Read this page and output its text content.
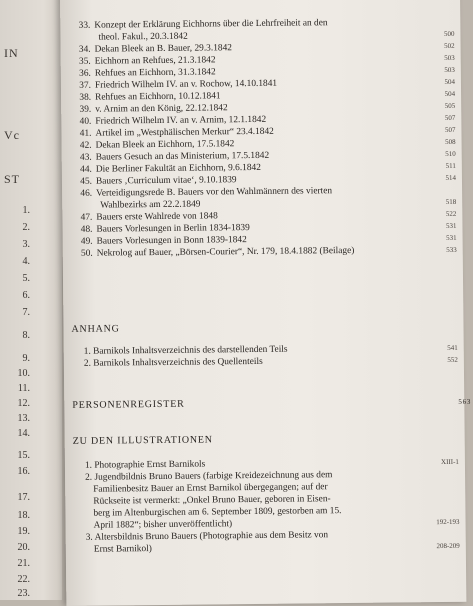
IN
Vc
ST
1.
2.
3.
4.
5.
6.
7.
8.
9.
10.
11.
12.
13.
14.
15.
16.
17.
18.
19.
20.
21.
22.
23.
33. Konzept der Erklärung Eichhorns über die Lehrfreiheit an den
theol. Fakul., 20.3.1842	500
34. Dekan Bleek an B. Bauer, 29.3.1842	502
35. Eichhorn an Rehfues, 21.3.1842	503
36. Rehfues an Eichhorn, 31.3.1842	503
37. Friedrich Wilhelm IV. an v. Rochow, 14.10.1841	504
38. Rehfues an Eichhorn, 10.12.1841	504
39. v. Arnim an den König, 22.12.1842	505
40. Friedrich Wilhelm IV. an v. Arnim, 12.1.1842	507
41. Artikel im „Westphälischen Merkur“ 23.4.1842	507
42. Dekan Bleek an Eichhorn, 17.5.1842	508
43. Bauers Gesuch an das Ministerium, 17.5.1842	510
44. Die Berliner Fakultät an Eichhorn, 9.6.1842	511
45. Bauers ‚Curriculum vitae‘, 9.10.1839	514
46. Verteidigungsrede B. Bauers vor den Wahlmännern des vierten
Wahlbezirks am 22.2.1849	518
47. Bauers erste Wahlrede von 1848	522
48. Bauers Vorlesungen in Berlin 1834-1839	531
49. Bauers Vorlesungen in Bonn 1839-1842	531
50. Nekrolog auf Bauer, „Börsen-Courier“, Nr. 179, 18.4.1882 (Beilage)	533
ANHANG
1. Barnikols Inhaltsverzeichnis des darstellenden Teils	541
2. Barnikols Inhaltsverzeichnis des Quellenteils	552
PERSONENREGISTER	563
ZU DEN ILLUSTRATIONEN
1. Photographie Ernst Barnikols	XIII-1
2. Jugendbildnis Bruno Bauers (farbige Kreidezeichnung aus dem
Familienbesitz Bauer an Ernst Barnikol übergegangen; auf der
Rückseite ist vermerkt: „Onkel Bruno Bauer, geboren in Eisen-
berg im Altenburgischen am 6. September 1809, gestorben am 15.
April 1882“; bisher unveröffentlicht)	192-193
3. Altersbildnis Bruno Bauers (Photographie aus dem Besitz von
Ernst Barnikol)	208-209
